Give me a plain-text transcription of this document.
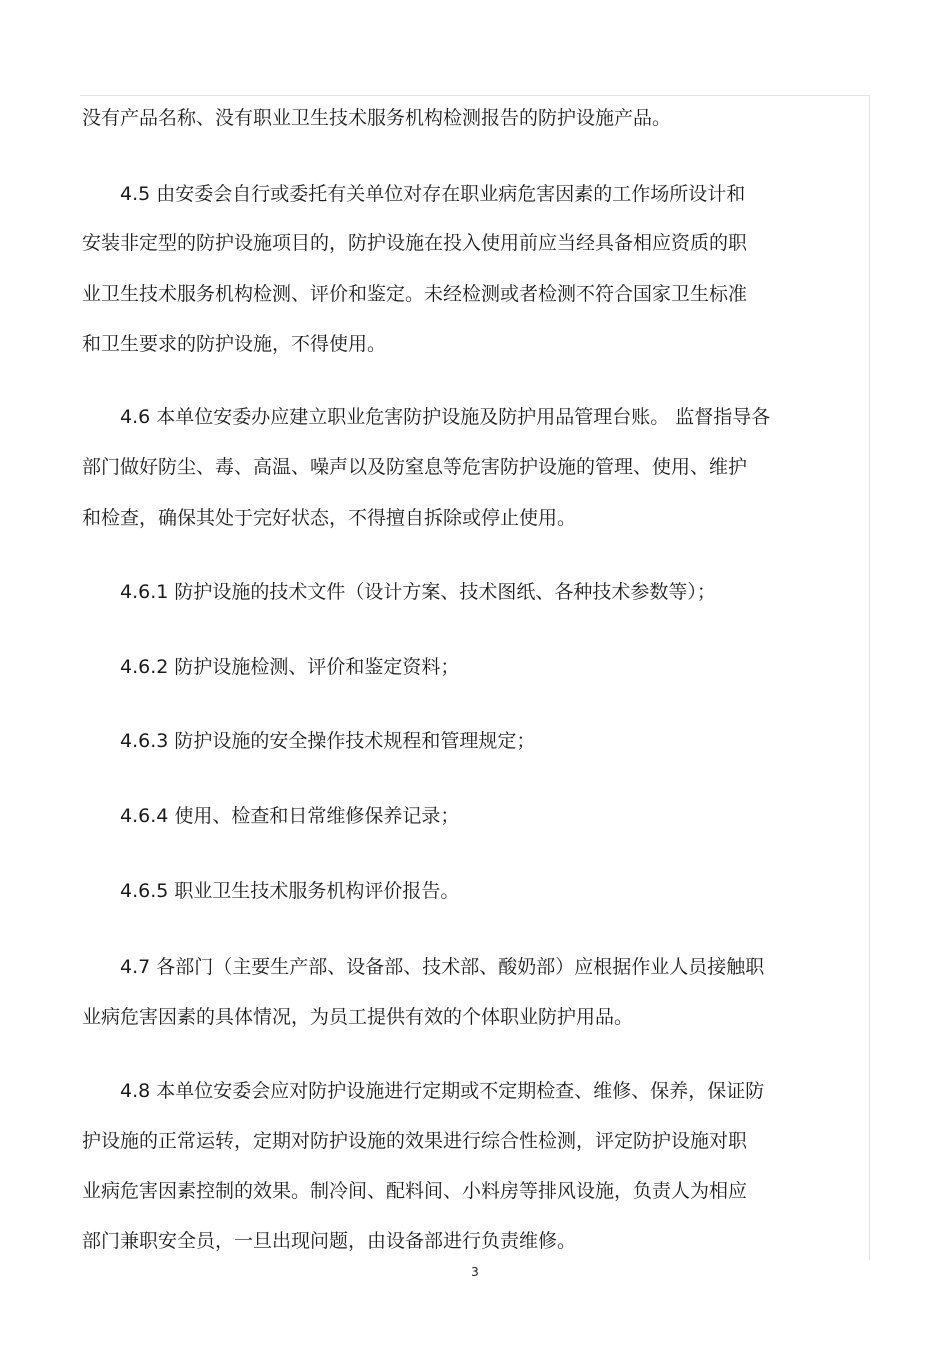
没有产品名称、没有职业卫生技术服务机构检测报告的防护设施产品。

4.5 由安委会自行或委托有关单位对存在职业病危害因素的工作场所设计和

安装非定型的防护设施项目的，防护设施在投入使用前应当经具备相应资质的职

业卫生技术服务机构检测、评价和鉴定。未经检测或者检测不符合国家卫生标准

和卫生要求的防护设施，不得使用。

4.6 本单位安委办应建立职业危害防护设施及防护用品管理台账。 监督指导各

部门做好防尘、毒、高温、噪声以及防窒息等危害防护设施的管理、使用、维护

和检查，确保其处于完好状态，不得擅自拆除或停止使用。

4.6.1 防护设施的技术文件（设计方案、技术图纸、各种技术参数等）；

4.6.2 防护设施检测、评价和鉴定资料；

4.6.3 防护设施的安全操作技术规程和管理规定；

4.6.4 使用、检查和日常维修保养记录；

4.6.5 职业卫生技术服务机构评价报告。

4.7 各部门（主要生产部、设备部、技术部、酸奶部）应根据作业人员接触职

业病危害因素的具体情况，为员工提供有效的个体职业防护用品。

4.8 本单位安委会应对防护设施进行定期或不定期检查、维修、保养，保证防

护设施的正常运转，定期对防护设施的效果进行综合性检测，评定防护设施对职

业病危害因素控制的效果。制冷间、配料间、小料房等排风设施，负责人为相应

部门兼职安全员，一旦出现问题，由设备部进行负责维修。

3
